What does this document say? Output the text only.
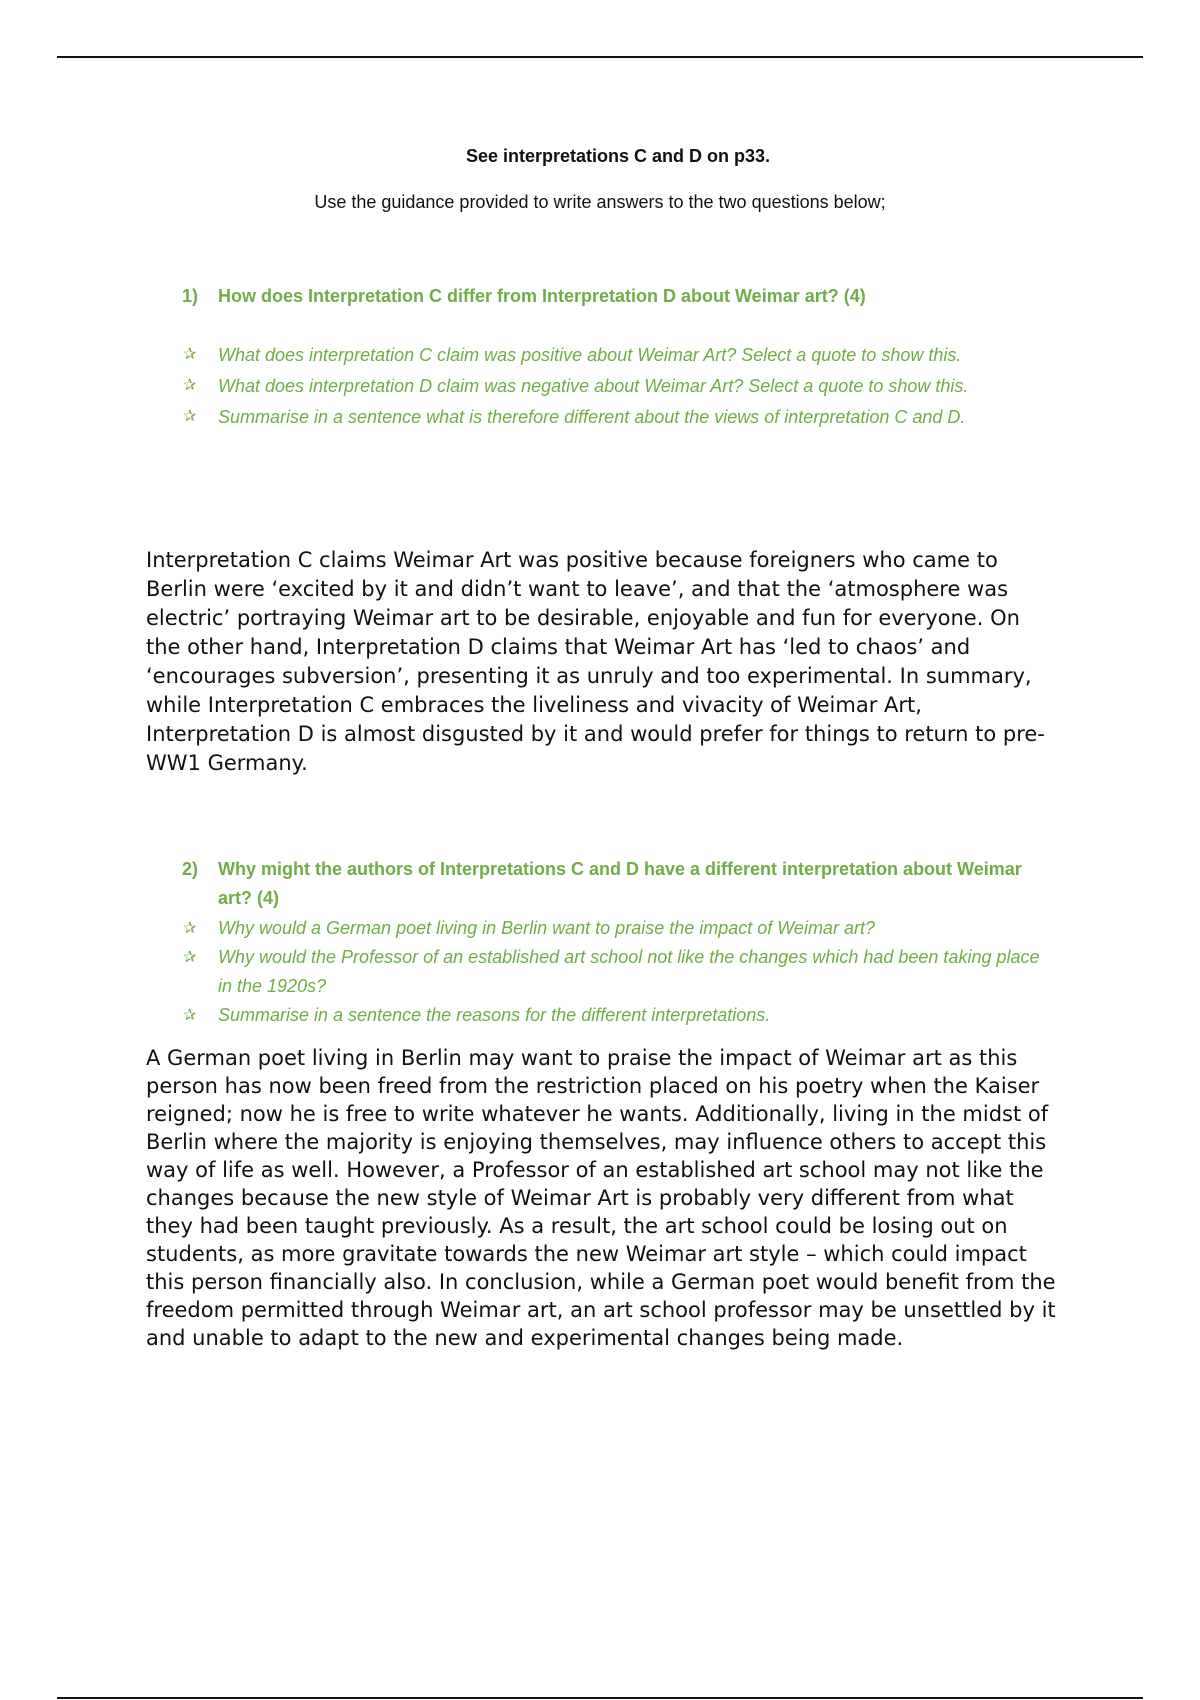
See interpretations C and D on p33.

Use the guidance provided to write answers to the two questions below;

1)	How does Interpretation C differ from Interpretation D about Weimar art? (4)

✰ What does interpretation C claim was positive about Weimar Art? Select a quote to show this.
✰ What does interpretation D claim was negative about Weimar Art? Select a quote to show this.
✰ Summarise in a sentence what is therefore different about the views of interpretation C and D.

Interpretation C claims Weimar Art was positive because foreigners who came to Berlin were ‘excited by it and didn’t want to leave’, and that the ‘atmosphere was electric’ portraying Weimar art to be desirable, enjoyable and fun for everyone. On the other hand, Interpretation D claims that Weimar Art has ‘led to chaos’ and ‘encourages subversion’, presenting it as unruly and too experimental. In summary, while Interpretation C embraces the liveliness and vivacity of Weimar Art, Interpretation D is almost disgusted by it and would prefer for things to return to pre-WW1 Germany.

2)	Why might the authors of Interpretations C and D have a different interpretation about Weimar art? (4)

✰ Why would a German poet living in Berlin want to praise the impact of Weimar art?
✰ Why would the Professor of an established art school not like the changes which had been taking place in the 1920s?
✰ Summarise in a sentence the reasons for the different interpretations.

A German poet living in Berlin may want to praise the impact of Weimar art as this person has now been freed from the restriction placed on his poetry when the Kaiser reigned; now he is free to write whatever he wants. Additionally, living in the midst of Berlin where the majority is enjoying themselves, may influence others to accept this way of life as well. However, a Professor of an established art school may not like the changes because the new style of Weimar Art is probably very different from what they had been taught previously. As a result, the art school could be losing out on students, as more gravitate towards the new Weimar art style – which could impact this person financially also. In conclusion, while a German poet would benefit from the freedom permitted through Weimar art, an art school professor may be unsettled by it and unable to adapt to the new and experimental changes being made.
